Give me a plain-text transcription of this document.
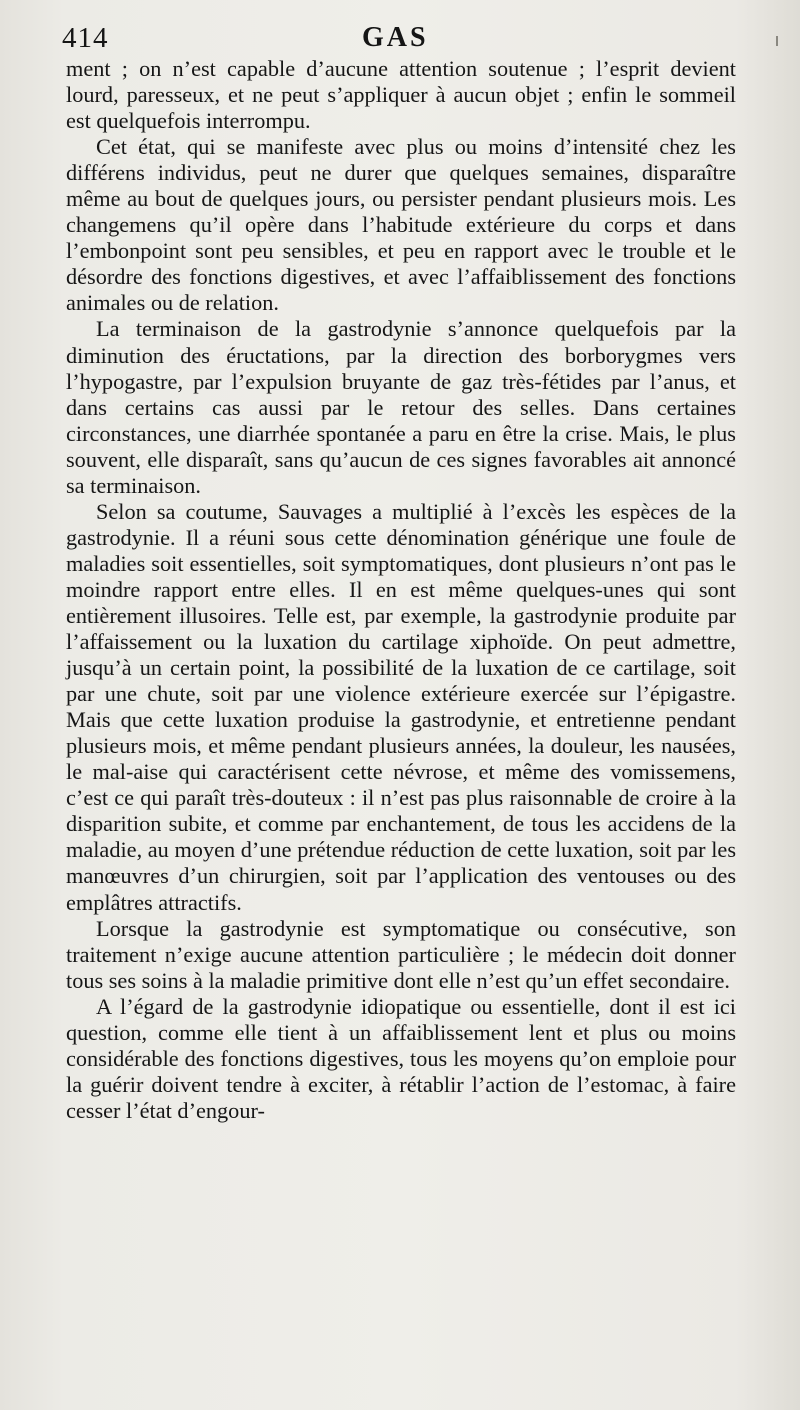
414	GAS

ment ; on n’est capable d’aucune attention soutenue ; l’esprit devient lourd, paresseux, et ne peut s’appliquer à aucun objet ; enfin le sommeil est quelquefois interrompu.

Cet état, qui se manifeste avec plus ou moins d’intensité chez les différens individus, peut ne durer que quelques semaines, disparaître même au bout de quelques jours, ou persister pendant plusieurs mois. Les changemens qu’il opère dans l’habitude extérieure du corps et dans l’embonpoint sont peu sensibles, et peu en rapport avec le trouble et le désordre des fonctions digestives, et avec l’affaiblissement des fonctions animales ou de relation.

La terminaison de la gastrodynie s’annonce quelquefois par la diminution des éructations, par la direction des borborygmes vers l’hypogastre, par l’expulsion bruyante de gaz très-fétides par l’anus, et dans certains cas aussi par le retour des selles. Dans certaines circonstances, une diarrhée spontanée a paru en être la crise. Mais, le plus souvent, elle disparaît, sans qu’aucun de ces signes favorables ait annoncé sa terminaison.

Selon sa coutume, Sauvages a multiplié à l’excès les espèces de la gastrodynie. Il a réuni sous cette dénomination générique une foule de maladies soit essentielles, soit symptomatiques, dont plusieurs n’ont pas le moindre rapport entre elles. Il en est même quelques-unes qui sont entièrement illusoires. Telle est, par exemple, la gastrodynie produite par l’affaissement ou la luxation du cartilage xiphoïde. On peut admettre, jusqu’à un certain point, la possibilité de la luxation de ce cartilage, soit par une chute, soit par une violence extérieure exercée sur l’épigastre. Mais que cette luxation produise la gastrodynie, et entretienne pendant plusieurs mois, et même pendant plusieurs années, la douleur, les nausées, le mal-aise qui caractérisent cette névrose, et même des vomissemens, c’est ce qui paraît très-douteux : il n’est pas plus raisonnable de croire à la disparition subite, et comme par enchantement, de tous les accidens de la maladie, au moyen d’une prétendue réduction de cette luxation, soit par les manœuvres d’un chirurgien, soit par l’application des ventouses ou des emplâtres attractifs.

Lorsque la gastrodynie est symptomatique ou consécutive, son traitement n’exige aucune attention particulière ; le médecin doit donner tous ses soins à la maladie primitive dont elle n’est qu’un effet secondaire.

A l’égard de la gastrodynie idiopatique ou essentielle, dont il est ici question, comme elle tient à un affaiblissement lent et plus ou moins considérable des fonctions digestives, tous les moyens qu’on emploie pour la guérir doivent tendre à exciter, à rétablir l’action de l’estomac, à faire cesser l’état d’engour-
